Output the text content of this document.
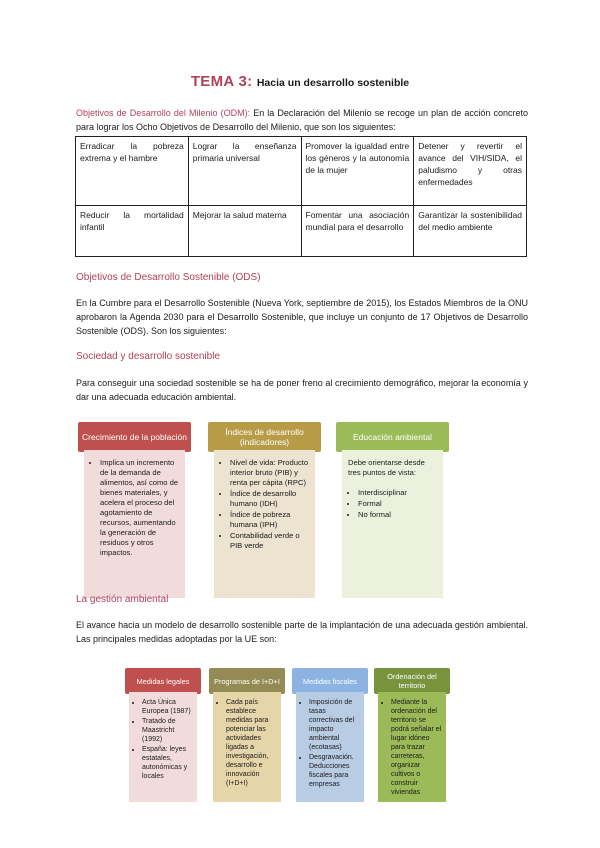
TEMA 3: Hacia un desarrollo sostenible
Objetivos de Desarrollo del Milenio (ODM): En la Declaración del Milenio se recoge un plan de acción concreto para lograr los Ocho Objetivos de Desarrollo del Milenio, que son los siguientes:
Erradicar la pobreza extrema y el hambre	Lograr la enseñanza primaria universal	Promover la igualdad entre los géneros y la autonomía de la mujer	Detener y revertir el avance del VIH/SIDA, el paludismo y otras enfermedades
Reducir la mortalidad infantil	Mejorar la salud materna	Fomentar una asociación mundial para el desarrollo	Garantizar la sostenibilidad del medio ambiente
Objetivos de Desarrollo Sostenible (ODS)
En la Cumbre para el Desarrollo Sostenible (Nueva York, septiembre de 2015), los Estados Miembros de la ONU aprobaron la Agenda 2030 para el Desarrollo Sostenible, que incluye un conjunto de 17 Objetivos de Desarrollo Sostenible (ODS). Son los siguientes:
Sociedad y desarrollo sostenible
Para conseguir una sociedad sostenible se ha de poner freno al crecimiento demográfico, mejorar la economía y dar una adecuada educación ambiental.
Crecimiento de la población
• Implica un incremento de la demanda de alimentos, así como de bienes materiales, y acelera el proceso del agotamiento de recursos, aumentando la generación de residuos y otros impactos.
Índices de desarrollo (indicadores)
• Nivel de vida: Producto interior bruto (PIB) y renta per cápita (RPC)
• Índice de desarrollo humano (IDH)
• Índice de pobreza humana (IPH)
• Contabilidad verde o PIB verde
Educación ambiental
Debe orientarse desde tres puntos de vista:
• Interdisciplinar
• Formal
• No formal
La gestión ambiental
El avance hacia un modelo de desarrollo sostenible parte de la implantación de una adecuada gestión ambiental. Las principales medidas adoptadas por la UE son:
Medidas legales
• Acta Única Europea (1987)
• Tratado de Maastricht (1992)
• España: leyes estatales, autonómicas y locales
Programas de I+D+I
• Cada país establece medidas para potenciar las actividades ligadas a investigación, desarrollo e innovación (I+D+I)
Medidas fiscales
• Imposición de tasas correctivas del impacto ambiental (ecotasas)
• Desgravación. Deducciones fiscales para empresas
Ordenación del territorio
• Mediante la ordenación del territorio se podrá señalar el lugar idóneo para trazar carreteras, organizar cultivos o construir viviendas
